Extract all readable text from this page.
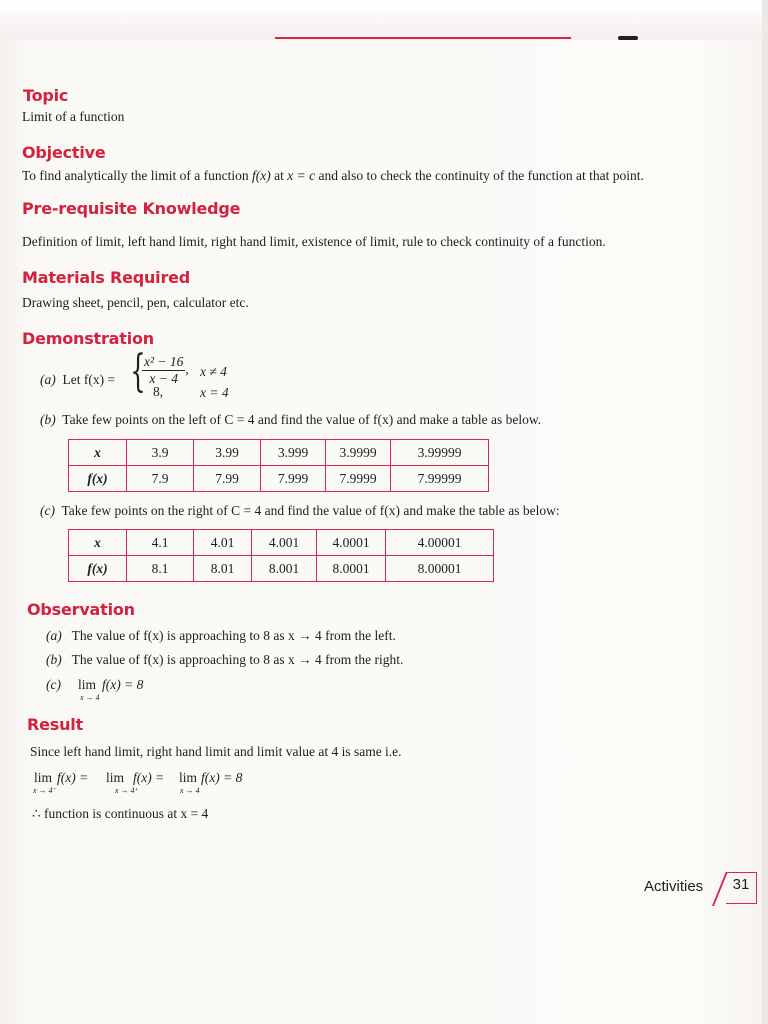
Topic
Limit of a function
Objective
To find analytically the limit of a function f(x) at x = c and also to check the continuity of the function at that point.
Pre-requisite Knowledge
Definition of limit, left hand limit, right hand limit, existence of limit, rule to check continuity of a function.
Materials Required
Drawing sheet, pencil, pen, calculator etc.
Demonstration
(a) Let f(x) = {
$\frac{\text{x² − 16}}{x - 4}$ ,
8,
x ≠ 4
x = 4
(b) Take few points on the left of C = 4 and find the value of f(x) and make a table as below.
x	3.9	3.99	3.999	3.9999	3.99999
f(x)	7.9	7.99	7.999	7.9999	7.99999
(c) Take few points on the right of C = 4 and find the value of f(x) and make the table as below:
x	4.1	4.01	4.001	4.0001	4.00001
f(x)	8.1	8.01	8.001	8.0001	8.00001
Observation
(a) The value of f(x) is approaching to 8 as x → 4 from the left.
(b) The value of f(x) is approaching to 8 as x → 4 from the right.
(c) lim
x → 4
f(x) = 8
Result
Since left hand limit, right hand limit and limit value at 4 is same i.e.
lim
x → 4⁻
f(x) = lim
x → 4⁺
f(x) = lim
x → 4
f(x) = 8
∴ function is continuous at x = 4
Activities	31
